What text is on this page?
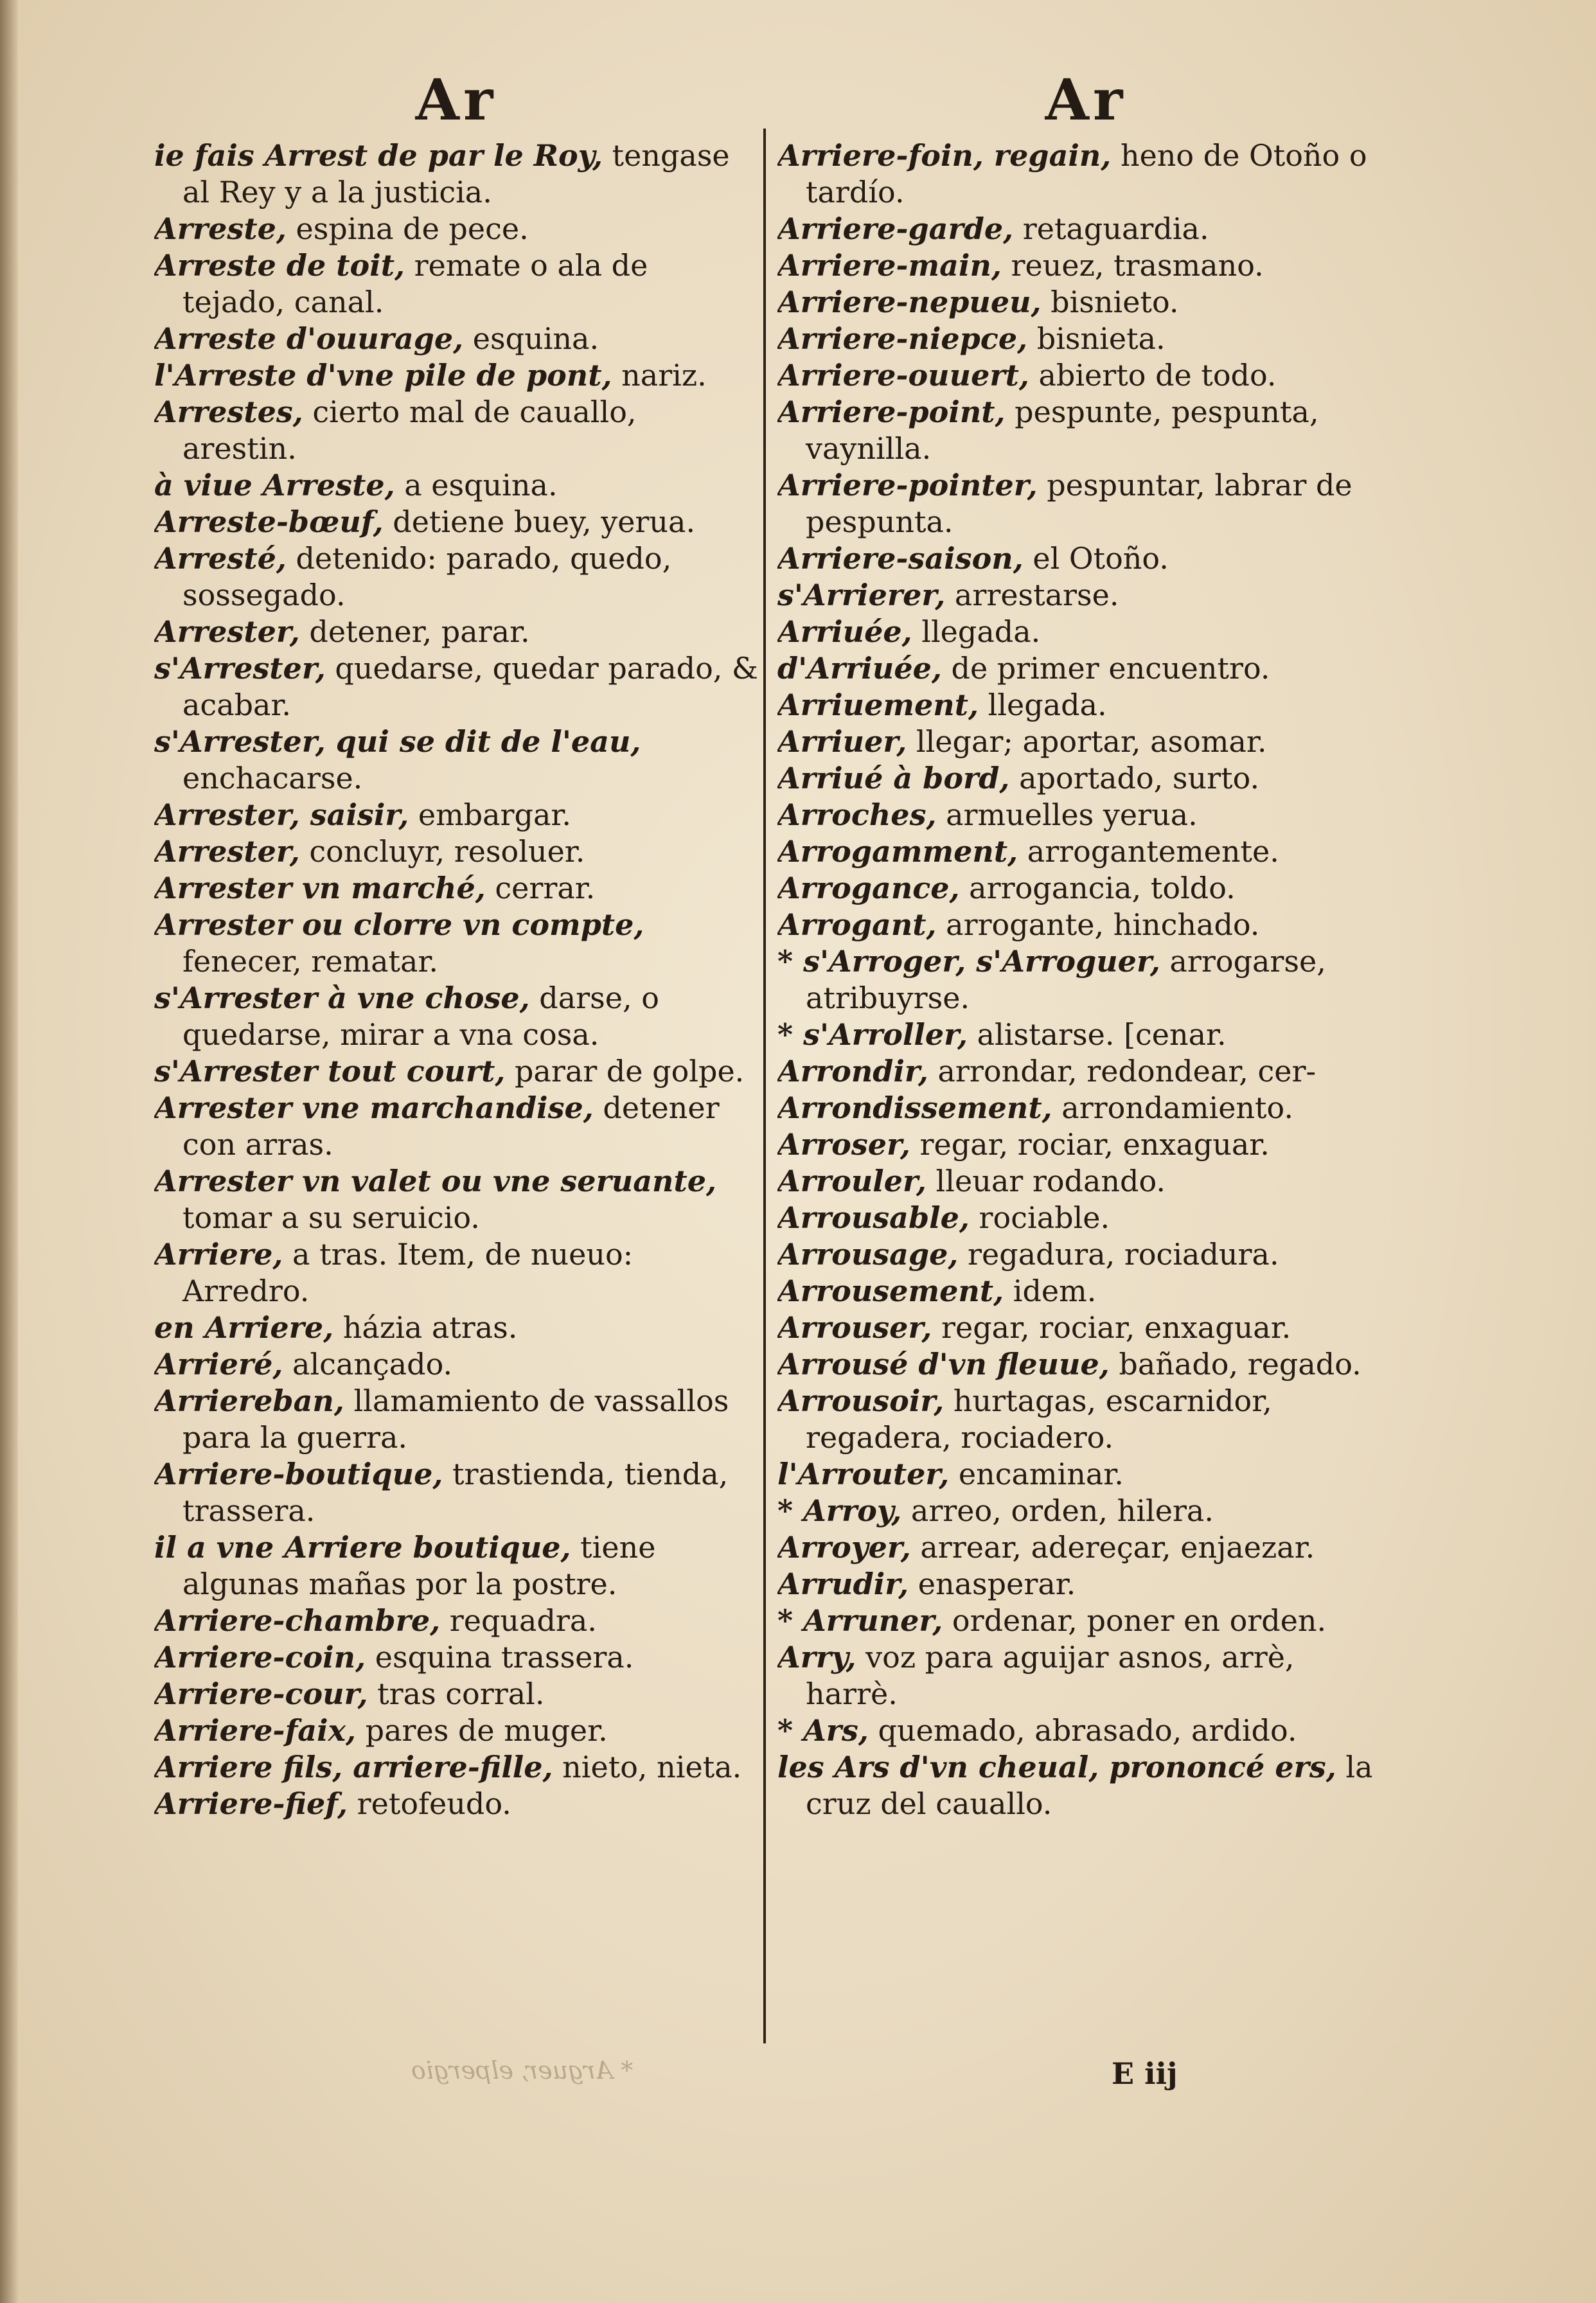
Ar

ie fais Arrest de par le Roy, tengase al Rey y a la justicia.

Arreste, espina de pece.

Arreste de toit, remate o ala de tejado, canal.

Arreste d'ouurage, esquina.

l'Arreste d'vne pile de pont, nariz.

Arrestes, cierto mal de cauallo, arestin.

à viue Arreste, a esquina.

Arreste-bœuf, detiene buey, yerua.

Arresté, detenido: parado, quedo, sossegado.

Arrester, detener, parar.

s'Arrester, quedarse, quedar parado, & acabar.

s'Arrester, qui se dit de l'eau, enchacarse.

Arrester, saisir, embargar.

Arrester, concluyr, resoluer.

Arrester vn marché, cerrar.

Arrester ou clorre vn compte, fenecer, rematar.

s'Arrester à vne chose, darse, o quedarse, mirar a vna cosa.

s'Arrester tout court, parar de golpe.

Arrester vne marchandise, detener con arras.

Arrester vn valet ou vne seruante, tomar a su seruicio.

Arriere, a tras. Item, de nueuo: Arredro.

en Arriere, házia atras.

Arrieré, alcançado.

Arriereban, llamamiento de vassallos para la guerra.

Arriere-boutique, trastienda, tienda, trassera.

il a vne Arriere boutique, tiene algunas mañas por la postre.

Arriere-chambre, requadra.

Arriere-coin, esquina trassera.

Arriere-cour, tras corral.

Arriere-faix, pares de muger.

Arriere fils, arriere-fille, nieto, nieta.

Arriere-fief, retofeudo.

Ar

Arriere-foin, regain, heno de Otoño o tardío.

Arriere-garde, retaguardia.

Arriere-main, reuez, trasmano.

Arriere-nepueu, bisnieto.

Arriere-niepce, bisnieta.

Arriere-ouuert, abierto de todo.

Arriere-point, pespunte, pespunta, vaynilla.

Arriere-pointer, pespuntar, labrar de pespunta.

Arriere-saison, el Otoño.

s'Arrierer, arrestarse.

Arriuée, llegada.

d'Arriuée, de primer encuentro.

Arriuement, llegada.

Arriuer, llegar; aportar, asomar.

Arriué à bord, aportado, surto.

Arroches, armuelles yerua.

Arrogamment, arrogantemente.

Arrogance, arrogancia, toldo.

Arrogant, arrogante, hinchado.

* s'Arroger, s'Arroguer, arrogarse, atribuyrse.

* s'Arroller, alistarse. [cenar.

Arrondir, arrondar, redondear, cer-

Arrondissement, arrondamiento.

Arroser, regar, rociar, enxaguar.

Arrouler, lleuar rodando.

Arrousable, rociable.

Arrousage, regadura, rociadura.

Arrousement, idem.

Arrouser, regar, rociar, enxaguar.

Arrousé d'vn fleuue, bañado, regado.

Arrousoir, hurtagas, escarnidor, regadera, rociadero.

l'Arrouter, encaminar.

* Arroy, arreo, orden, hilera.

Arroyer, arrear, adereçar, enjaezar.

Arrudir, enasperar.

* Arruner, ordenar, poner en orden.

Arry, voz para aguijar asnos, arrè, harrè.

* Ars, quemado, abrasado, ardido.

les Ars d'vn cheual, prononcé ers, la cruz del cauallo.

* Arguer, elpergio	E iij
